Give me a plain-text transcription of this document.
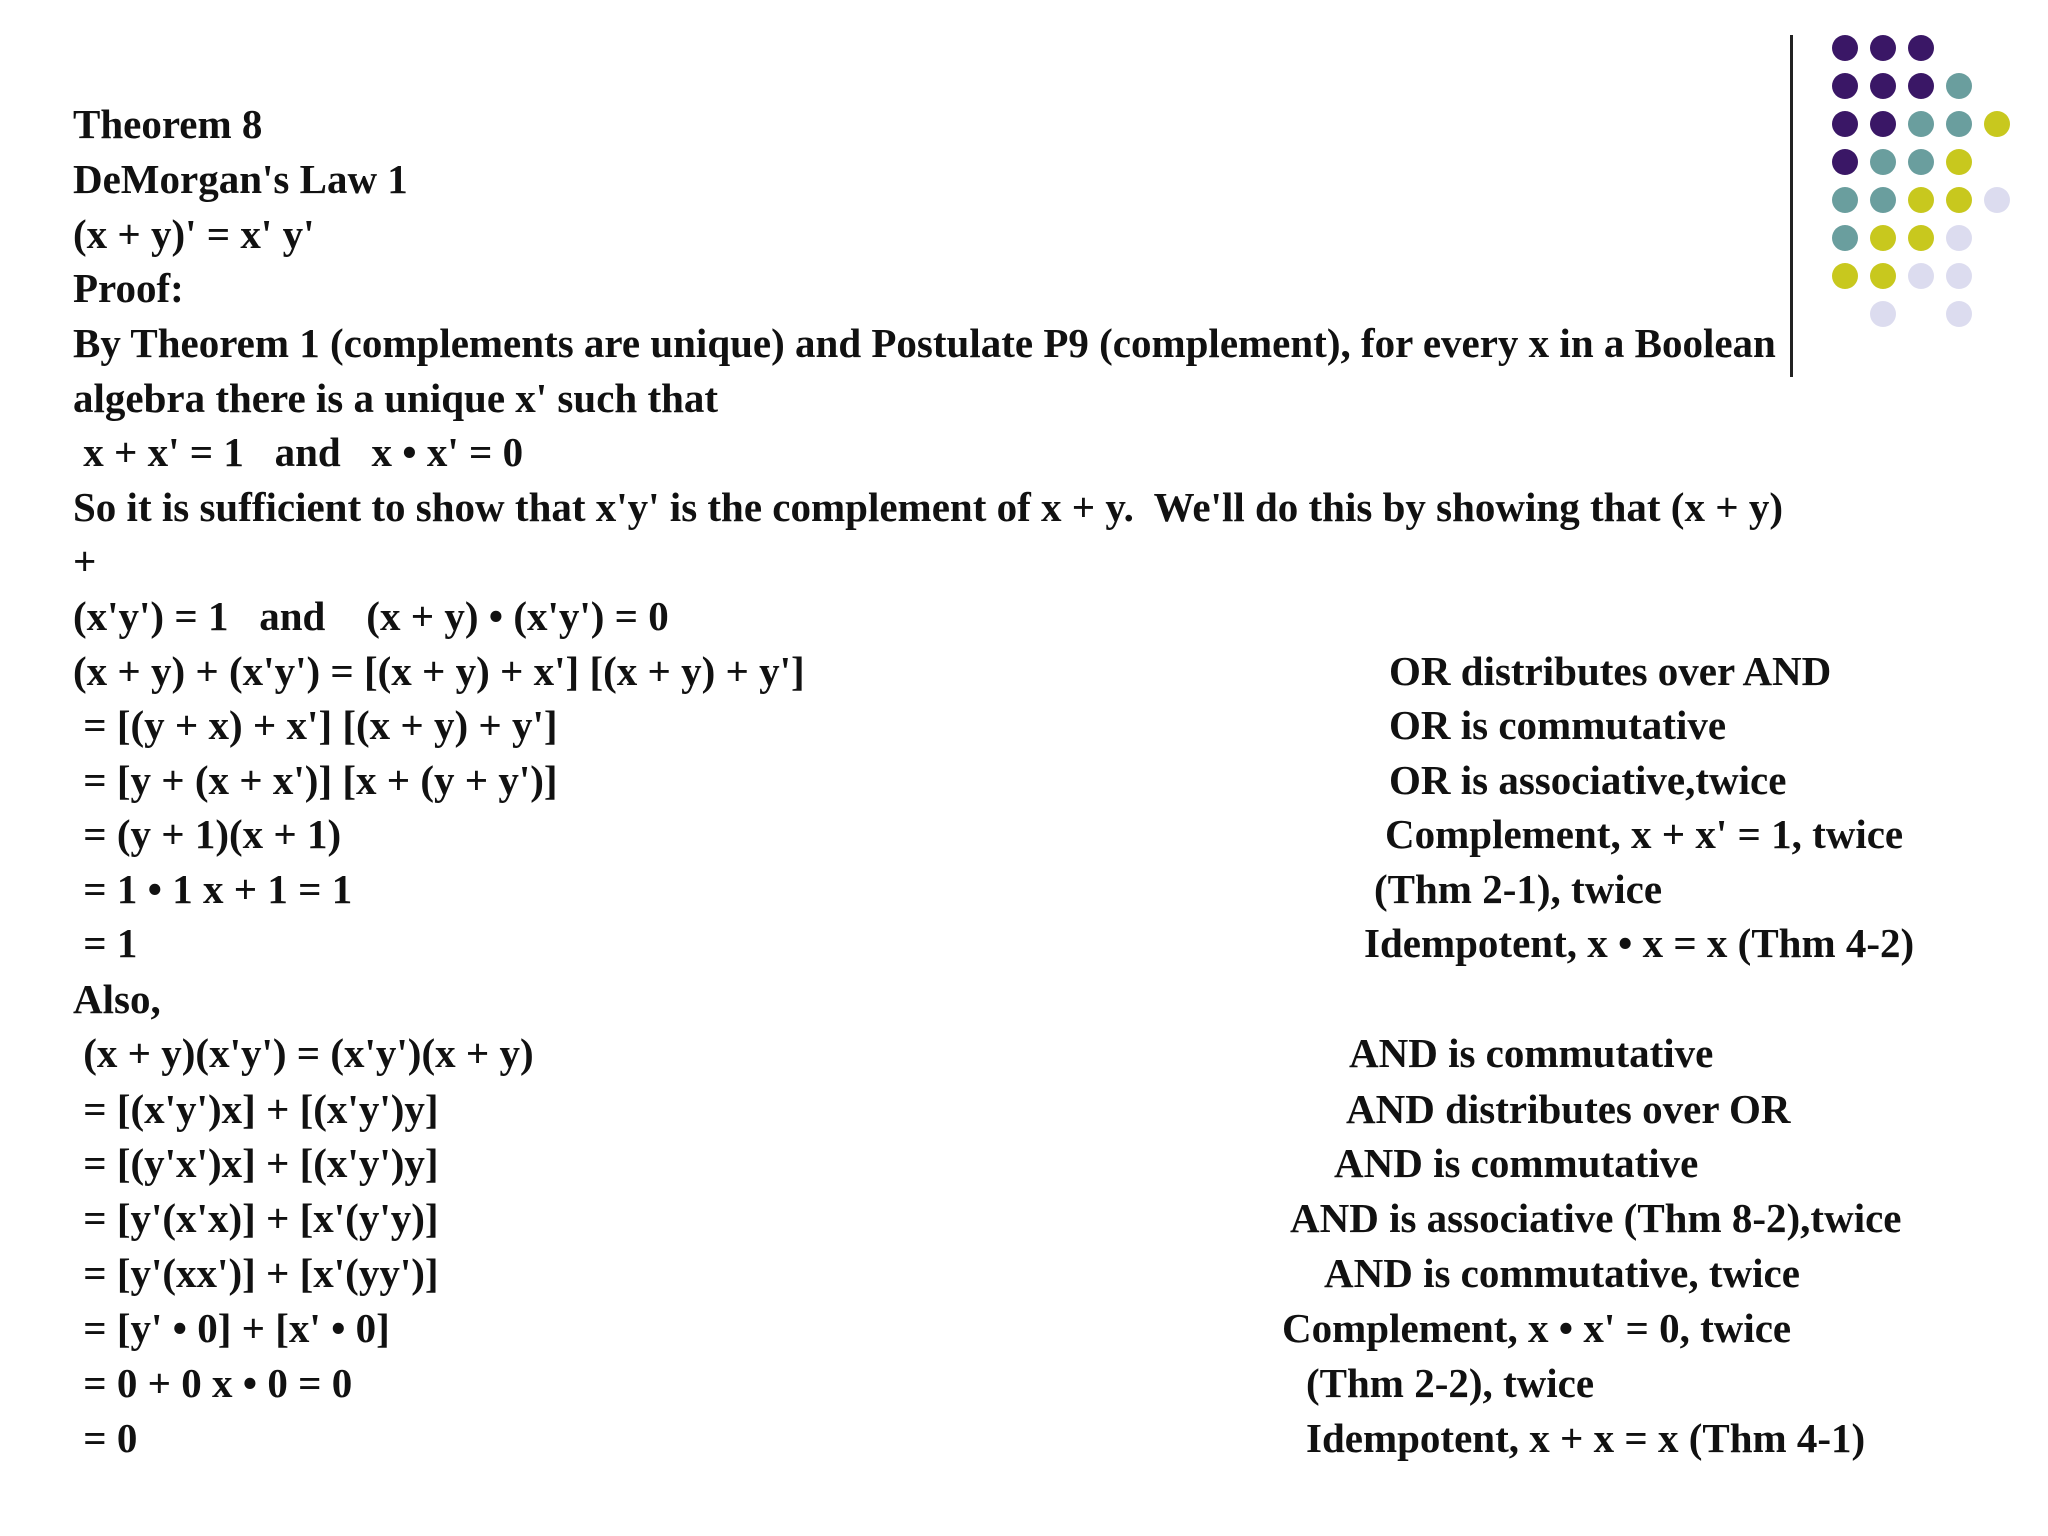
Theorem 8
DeMorgan's Law 1
(x + y)' = x' y'
Proof:
By Theorem 1 (complements are unique) and Postulate P9 (complement), for every x in a Boolean
algebra there is a unique x' such that
x + x' = 1   and   x • x' = 0
So it is sufficient to show that x'y' is the complement of x + y.  We'll do this by showing that (x + y)
+
(x'y') = 1   and    (x + y) • (x'y') = 0
(x + y) + (x'y') = [(x + y) + x'] [(x + y) + y']
= [(y + x) + x'] [(x + y) + y']
= [y + (x + x')] [x + (y + y')]
= (y + 1)(x + 1)
= 1 • 1 x + 1 = 1
= 1
Also,
(x + y)(x'y') = (x'y')(x + y)
= [(x'y')x] + [(x'y')y]
= [(y'x')x] + [(x'y')y]
= [y'(x'x)] + [x'(y'y)]
= [y'(xx')] + [x'(yy')]
= [y' • 0] + [x' • 0]
= 0 + 0 x • 0 = 0
= 0
OR distributes over AND
OR is commutative
OR is associative,twice
Complement, x + x' = 1, twice
(Thm 2-1), twice
Idempotent, x • x = x (Thm 4-2)
AND is commutative
AND distributes over OR
AND is commutative
AND is associative (Thm 8-2),twice
AND is commutative, twice
Complement, x • x' = 0, twice
(Thm 2-2), twice
Idempotent, x + x = x (Thm 4-1)
